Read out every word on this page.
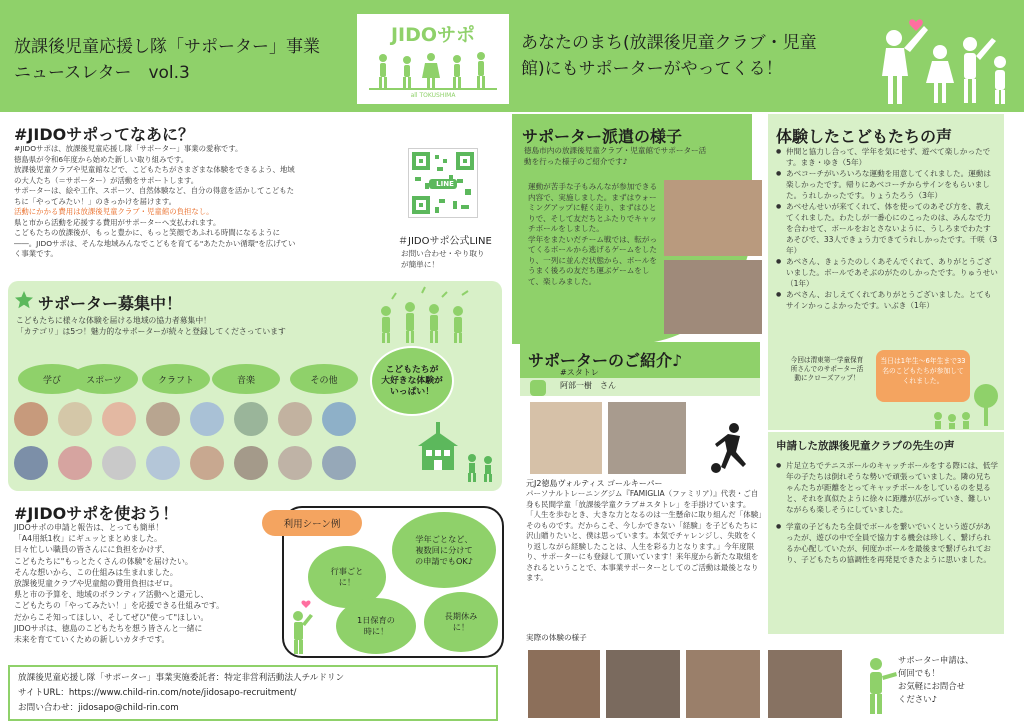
放課後児童応援し隊「サポーター」事業
ニュースレター　vol.3
JIDOサポ
all TOKUSHIMA
あなたのまち(放課後児童クラブ・児童
館)にもサポーターがやってくる！
#JIDOサポってなあに？
#JIDOサポは、放課後児童応援し隊「サポーター」事業の愛称です。
徳島県が令和6年度から始めた新しい取り組みです。
放課後児童クラブや児童館などで、こどもたちがさまざまな体験をできるよう、地域
の大人たち（＝サポーター）が活動をサポートします。
サポーターは、絵や工作、スポーツ、自然体験など、自分の得意を活かしてこどもた
ちに「やってみたい！」のきっかけを届けます。
活動にかかる費用は放課後児童クラブ・児童館の負担なし。
県と市から活動を応援する費用がサポーターへ支払われます。
こどもたちの放課後が、もっと豊かに、もっと笑顔であふれる時間になるように
――。JIDOサポは、そんな地域みんなでこどもを育てる"あたたかい循環"を広げてい
く事業です。
LINE
＃JIDOサポ公式LINE
お問い合わせ・やり取り
が簡単に！
サポーター募集中！
こどもたちに様々な体験を届ける地域の協力者募集中！
「カテゴリ」は5つ！魅力的なサポーターが続々と登録してくださっています
学び	スポーツ	クラフト	音楽	その他
こどもたちが
大好きな体験が
いっぱい！
#JIDOサポを使おう！
JIDOサポの申請と報告は、とっても簡単！
「A4用紙1枚」にギュッとまとめました。
日々忙しい職員の皆さんにに負担をかけず、
こどもたちに"もっとたくさんの体験"を届けたい。
そんな想いから、この仕組みは生まれました。
放課後児童クラブや児童館の費用負担はゼロ。
県と市の予算を、地域のボランティア活動へと還元し、
こどもたちの「やってみたい！」を応援できる仕組みです。
だからこそ知ってほしい、そしてぜひ"使って"ほしい。
JIDOサポは、徳島のこどもたちを想う皆さんと一緒に
未来を育てていくための新しいカタチです。
利用シーン例
学年ごとなど、
複数回に分けて
の申請でもOK♪
行事ごと
に！
1日保育の
時に！
長期休み
に！
放課後児童応援し隊「サポーター」事業実施委託者：特定非営利活動法人チルドリン
サイトURL：https://www.child-rin.com/note/jidosapo-recruitment/
お問い合わせ：jidosapo@child-rin.com
サポーター派遣の様子
徳島市内の放課後児童クラブ・児童館でサポーター活
動を行った様子のご紹介です♪
運動が苦手な子もみんなが参加できる内容で、実施しました。まずはウォーミングアップに軽く走り、まずはひとりで、そして友だちとふたりでキャッチボールをしました。
学年をまたいだチーム戦では、転がってくるボールから逃げるゲームをしたり、一列に並んだ状態から、ボールをうまく後ろの友だち運ぶゲームをして、楽しみました。
サポーターのご紹介♪
#スタトレ
阿部一樹　さん
元J2徳島ヴォルティス ゴールキーパー
パーソナルトレーニングジム『FAMIGLIA（ファミリア）』代表・ご自身も民間学童「放課後学童クラブ＃スタトレ」を手掛けています。
「人生を歩むとき、大きな力となるのは一生懸命に取り組んだ「体験」そのものです。だからこそ、今しかできない「経験」を子どもたちに沢山贈りたいと、僕は思っています。本気でチャレンジし、失敗をくり返しながら経験したことは、人生を彩る力となります。」今年度限り、サポーターにも登録して頂いています！来年度から新たな取組をされるということで、本事業サポーターとしてのご活動は最後となります。
実際の体験の様子
体験したこどもたちの声
● 仲間と協力し合って、学年を気にせず、遊べて楽しかったです。まき・ゆき（5年）
● あべコーチがいろいろな運動を用意してくれました。運動は楽しかったです。帰りにあべコーチからサインをもらいました。うれしかったです。りょうたろう（3年）
● あべせんせいが来てくれて、体を使ってのあそび方を、教えてくれました。わたしが一番心にのこったのは、みんなで力を合わせて、ボールをおとさないように、うしろまでわたすあそびで、33人できょう力できてうれしかったです。千咲（3年）
● あべさん、きょうたのしくあそんでくれて、ありがとうございました。ボールであそぶのがたのしかったです。りゅうせい（1年）
● あべさん、おしえてくれてありがとうございました。とてもサインかっこよかったです。いぶき（1年）
今回は渭東第一学童保育所さんでのサポーター活動にクローズアップ！
当日は1年生～6年生まで33名のこどもたちが参加してくれました。
申請した放課後児童クラブの先生の声
● 片足立ちでテニスボールのキャッチボールをする際には、低学年の子たちは倒れそうな勢いで頑張っていました。隣の兄ちゃんたちが距離をとってキャッチボールをしているのを見ると、それを真似たように徐々に距離が広がっていき、難しいながらも楽しそうにしていました。
● 学童の子どもたち全員でボールを繋いでいくという遊びがあったが、遊びの中で全員で協力する機会は珍しく、繋げられるか心配していたが、何度かボールを最後まで繋げられており、子どもたちの協調性を再発見できたように思いました。
サポーター申請は、
何回でも！
お気軽にお問合せ
ください♪
